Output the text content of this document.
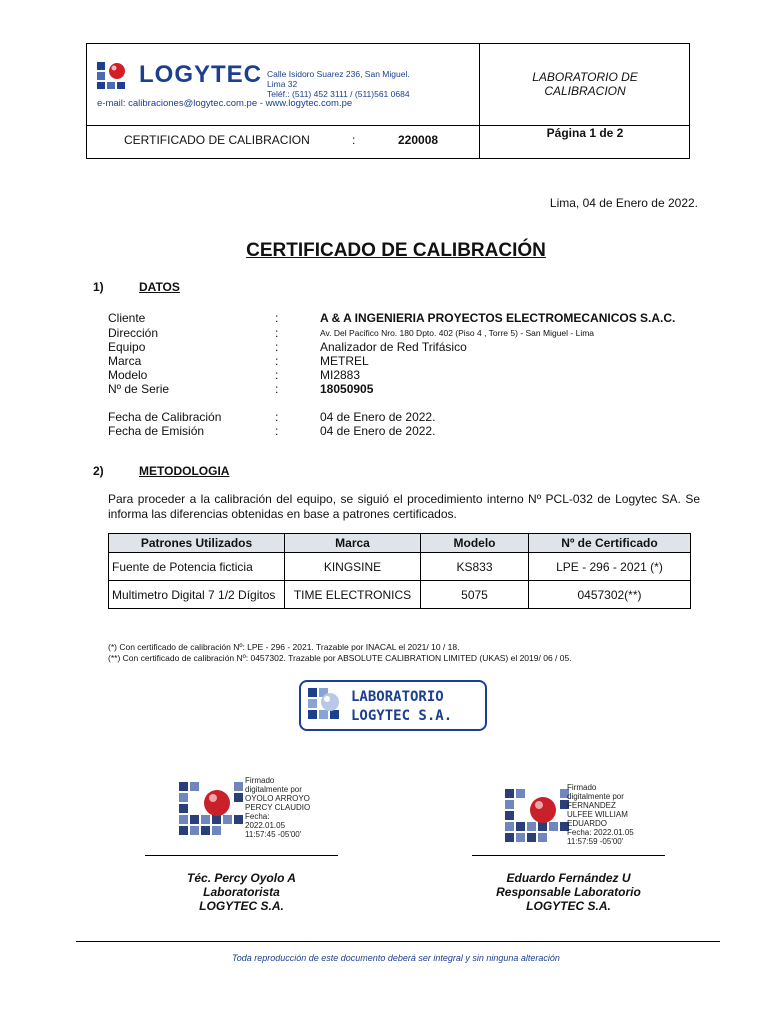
LOGYTEC Calle Isidoro Suarez 236, San Miguel.
Lima 32
Teléf.: (511) 452 3111 / (511)561 0684
e-mail: calibraciones@logytec.com.pe - www.logytec.com.pe
LABORATORIO DE
CALIBRACION
CERTIFICADO DE CALIBRACION	:	220008	Página 1 de 2
Lima, 04 de Enero de 2022.
CERTIFICADO DE CALIBRACIÓN
1)	DATOS
Cliente	:	A & A INGENIERIA PROYECTOS ELECTROMECANICOS S.A.C.
Dirección	:	Av. Del Pacifico Nro. 180 Dpto. 402 (Piso 4 , Torre 5) - San Miguel - Lima
Equipo	:	Analizador de Red Trifásico
Marca	:	METREL
Modelo	:	MI2883
Nº de Serie	:	18050905
Fecha de Calibración	:	04 de Enero de 2022.
Fecha de Emisión	:	04 de Enero de 2022.
2)	METODOLOGIA
Para proceder a la calibración del equipo, se siguió el procedimiento interno Nº PCL-032 de Logytec SA. Se informa las diferencias obtenidas en base a patrones certificados.
Patrones Utilizados	Marca	Modelo	Nº de Certificado
Fuente de Potencia ficticia	KINGSINE	KS833	LPE - 296 - 2021 (*)
Multimetro Digital 7 1/2 Dígitos	TIME ELECTRONICS	5075	0457302(**)
(*) Con certificado de calibración Nº: LPE - 296 - 2021. Trazable por INACAL el 2021/ 10 / 18.
(**) Con certificado de calibración Nº: 0457302. Trazable por ABSOLUTE CALIBRATION LIMITED (UKAS) el 2019/ 06 / 05.
LABORATORIO
LOGYTEC S.A.
Firmado
digitalmente por
OYOLO ARROYO
PERCY CLAUDIO
Fecha:
2022.01.05
11:57:45 -05'00'
Téc. Percy Oyolo A
Laboratorista
LOGYTEC S.A.
Firmado
digitalmente por
FERNANDEZ
ULFEE WILLIAM
EDUARDO
Fecha: 2022.01.05
11:57:59 -05'00'
Eduardo Fernández U
Responsable Laboratorio
LOGYTEC S.A.
Toda reproducción de este documento deberá ser integral y sin ninguna alteración
